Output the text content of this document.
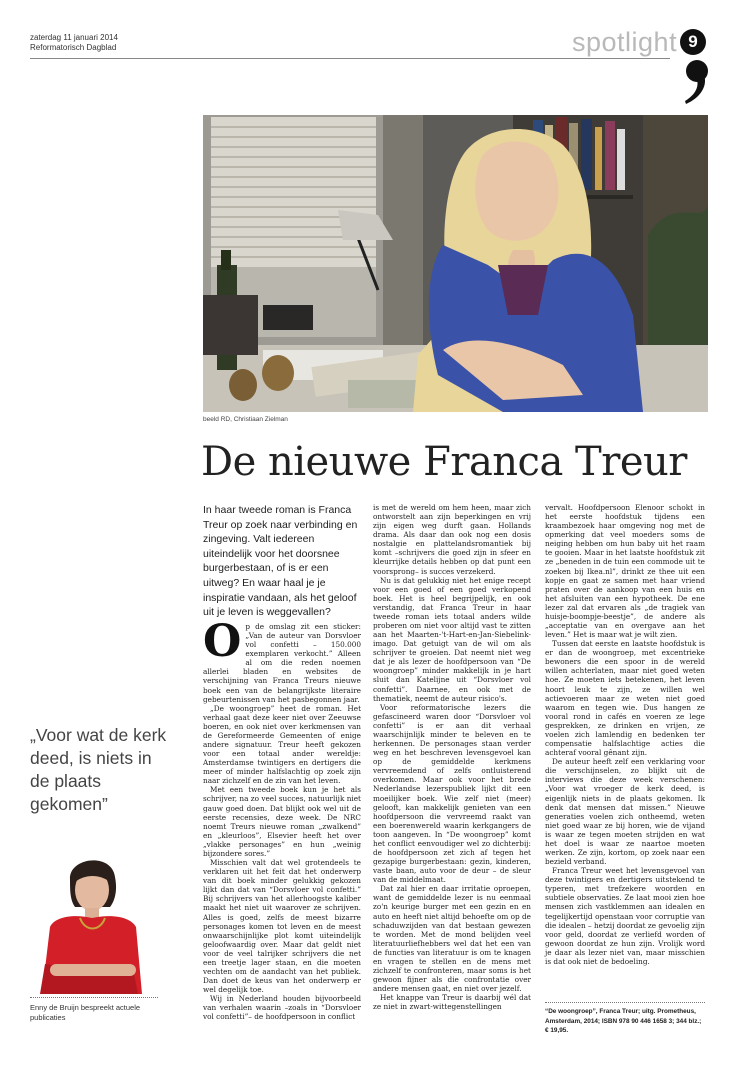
zaterdag 11 januari 2014
Reformatorisch Dagblad	spotlight 9
beeld RD, Christiaan Zielman
De nieuwe Franca Treur
In haar tweede roman is Franca Treur op zoek naar verbinding en zingeving. Valt iedereen uiteindelijk voor het doorsnee burgerbestaan, of is er een uitweg? En waar haal je je inspiratie vandaan, als het geloof uit je leven is weggevallen?

Op de omslag zit een sticker: „Van de auteur van Dorsvloer vol confetti – 150.000 exemplaren verkocht.” Alleen al om die reden noemen allerlei bladen en websites de verschijning van Franca Treurs nieuwe boek een van de belangrijkste literaire gebeurtenissen van het pasbegonnen jaar.

„De woongroep” heet de roman. Het verhaal gaat deze keer niet over Zeeuwse boeren, en ook niet over kerkmensen van de Gereformeerde Gemeenten of enige andere signatuur. Treur heeft gekozen voor een totaal ander wereldje: Amsterdamse twintigers en dertigers die meer of minder halfslachtig op zoek zijn naar zichzelf en de zin van het leven.

Met een tweede boek kun je het als schrijver, na zo veel succes, natuurlijk niet gauw goed doen. Dat blijkt ook wel uit de eerste recensies, deze week. De NRC noemt Treurs nieuwe roman „zwalkend” en „kleurloos”, Elsevier heeft het over „vlakke personages” en hun „weinig bijzondere sores.”

Misschien valt dat wel grotendeels te verklaren uit het feit dat het onderwerp van dit boek minder gelukkig gekozen lijkt dan dat van “Dorsvloer vol confetti.” Bij schrijvers van het allerhoogste kaliber maakt het niet uit waarover ze schrijven. Alles is goed, zelfs de meest bizarre personages komen tot leven en de meest onwaarschijnlijke plot komt uiteindelijk geloofwaardig over. Maar dat geldt niet voor de veel talrijker schrijvers die net een treetje lager staan, en die moeten vechten om de aandacht van het publiek. Dan doet de keus van het onderwerp er wel degelijk toe.

Wij in Nederland houden bijvoorbeeld van verhalen waarin –zoals in “Dorsvloer vol confetti”– de hoofdpersoon in conflict

is met de wereld om hem heen, maar zich ontworstelt aan zijn beperkingen en vrij zijn eigen weg durft gaan. Hollands drama. Als daar dan ook nog een dosis nostalgie en plattelandsromantiek bij komt –schrijvers die goed zijn in sfeer en kleurrijke details hebben op dat punt een voorsprong– is succes verzekerd.

Nu is dat gelukkig niet het enige recept voor een goed of een goed verkopend boek. Het is heel begrijpelijk, en ook verstandig, dat Franca Treur in haar tweede roman iets totaal anders wilde proberen om niet voor altijd vast te zitten aan het Maarten-'t-Hart-en-Jan-Siebelink-imago. Dat getuigt van de wil om als schrijver te groeien. Dat neemt niet weg dat je als lezer de hoofdpersoon van “De woongroep” minder makkelijk in je hart sluit dan Katelijne uit “Dorsvloer vol confetti”. Daarnee, en ook met de thematiek, neemt de auteur risico's.

Voor reformatorische lezers die gefascineerd waren door “Dorsvloer vol confetti” is er aan dit verhaal waarschijnlijk minder te beleven en te herkennen. De personages staan verder weg en het beschreven levensgevoel kan op de gemiddelde kerkmens vervreemdend of zelfs ontluisterend overkomen. Maar ook voor het brede Nederlandse lezerspubliek lijkt dit een moeilijker boek. Wie zelf niet (meer) gelooft, kan makkelijk genieten van een hoofdpersoon die vervreemd raakt van een boerenwereld waarin kerkgangers de toon aangeven. In “De woongroep” komt het conflict eenvoudiger wel zo dichterbij: de hoofdpersoon zet zich af tegen het gezapige burgerbestaan: gezin, kinderen, vaste baan, auto voor de deur – de sleur van de middelmaat.

Dat zal hier en daar irritatie oproepen, want de gemiddelde lezer is nu eenmaal zo'n keurige burger met een gezin en en auto en heeft niet altijd behoefte om op de schaduwzijden van dat bestaan gewezen te worden. Met de mond belijden veel literatuurliefhebbers wel dat het een van de functies van literatuur is om te knagen en vragen te stellen en de mens met zichzelf te confronteren, maar soms is het gewoon fijner als die confrontatie over andere mensen gaat, en niet over jezelf.

Het knappe van Treur is daarbij wél dat ze niet in zwart-wittegenstellingen

vervalt. Hoofdpersoon Elenoor schokt in het eerste hoofdstuk tijdens een kraambezoek haar omgeving nog met de opmerking dat veel moeders soms de neiging hebben om hun baby uit het raam te gooien. Maar in het laatste hoofdstuk zit ze „beneden in de tuin een commode uit te zoeken bij Ikea.nl”, drinkt ze thee uit een kopje en gaat ze samen met haar vriend praten over de aankoop van een huis en het afsluiten van een hypotheek. De ene lezer zal dat ervaren als „de tragiek van huisje-boompje-beestje”, de andere als „acceptatie van en overgave aan het leven.” Het is maar wat je wilt zien.

Tussen dat eerste en laatste hoofdstuk is er dan de woongroep, met excentrieke bewoners die een spoor in de wereld willen achterlaten, maar niet goed weten hoe. Ze moeten iets betekenen, het leven hoort leuk te zijn, ze willen wel actievoeren maar ze weten niet goed waarom en tegen wie. Dus hangen ze vooral rond in cafés en voeren ze lege gesprekken, ze drinken en vrijen, ze voelen zich lamlendig en bedenken ter compensatie halfslachtige acties die achteraf vooral gênant zijn.

De auteur heeft zelf een verklaring voor die verschijnselen, zo blijkt uit de interviews die deze week verschenen: „Voor wat vroeger de kerk deed, is eigenlijk niets in de plaats gekomen. Ik denk dat mensen dat missen.” Nieuwe generaties voelen zich ontheemd, weten niet goed waar ze bij horen, wie de vijand is waar ze tegen moeten strijden en wat het doel is waar ze naartoe moeten werken. Ze zijn, kortom, op zoek naar een bezield verband.

Franca Treur weet het levensgevoel van deze twintigers en dertigers uitstekend te typeren, met trefzekere woorden en subtiele observaties. Ze laat mooi zien hoe mensen zich vastklemmen aan idealen en tegelijkertijd openstaan voor corruptie van die idealen – hetzij doordat ze gevoelig zijn voor geld, doordat ze verliefd worden of gewoon doordat ze hun zijn. Vrolijk word je daar als lezer niet van, maar misschien is dat ook niet de bedoeling.

“De woongroep”, Franca Treur; uitg. Prometheus, Amsterdam, 2014; ISBN 978 90 446 1658 3; 344 blz.; € 19,95.
„Voor wat de kerk deed, is niets in de plaats gekomen”
Enny de Bruijn bespreekt actuele publicaties
